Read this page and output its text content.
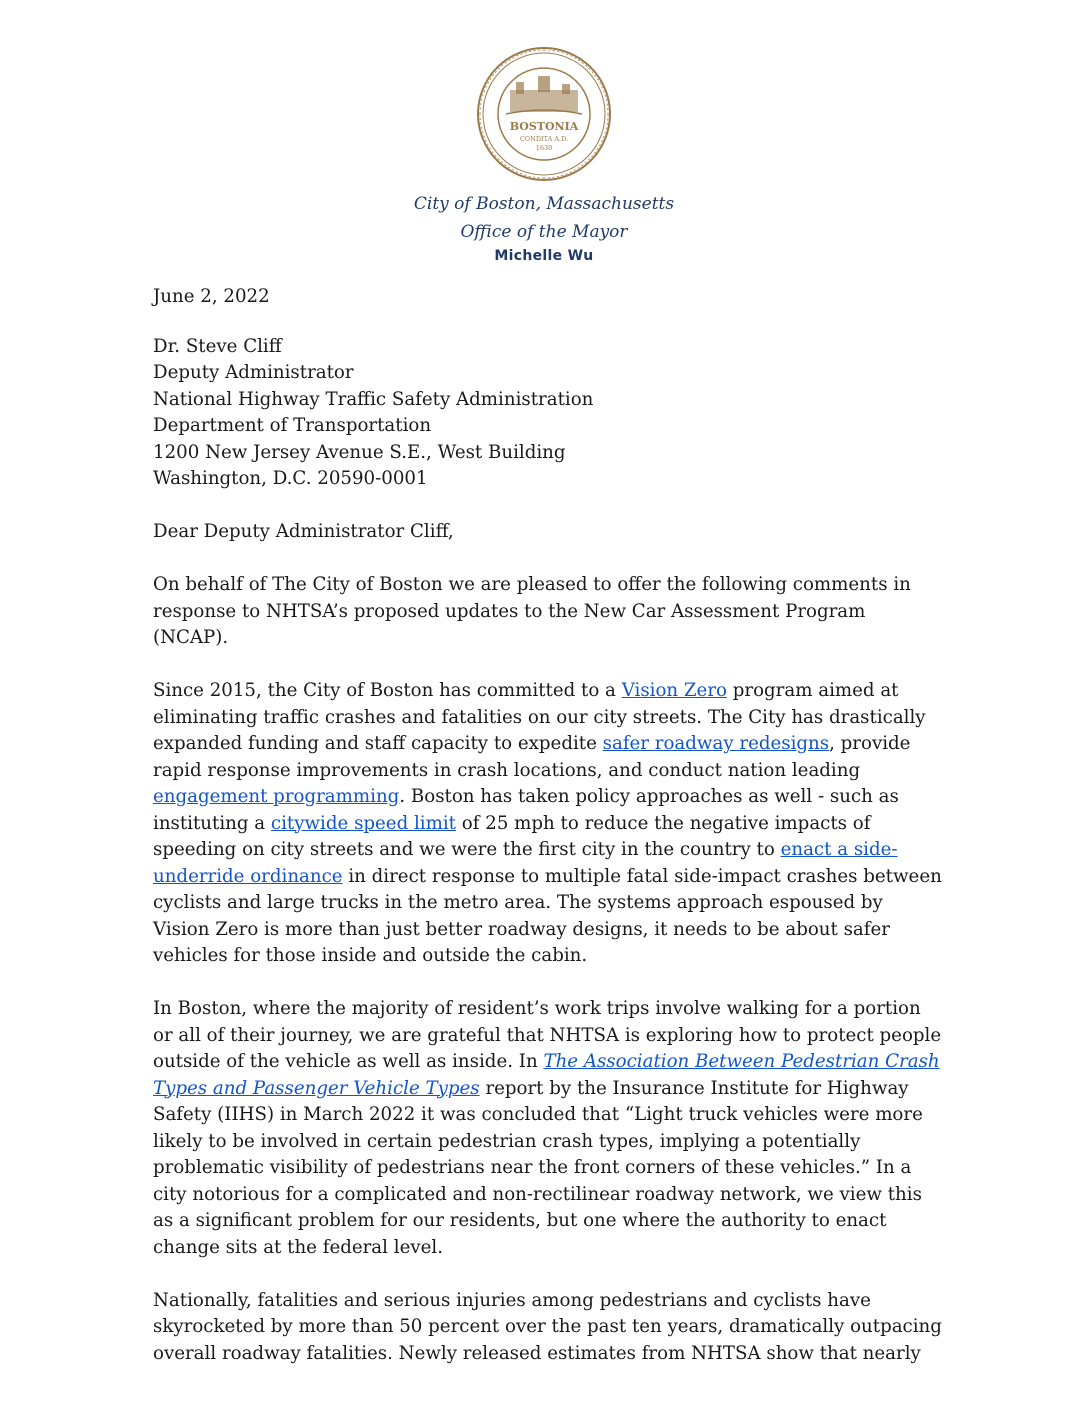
BOSTONIA
CONDITA A.D.
1630
City of Boston, Massachusetts
Office of the Mayor
Michelle Wu

June 2, 2022

Dr. Steve Cliff
Deputy Administrator
National Highway Traffic Safety Administration
Department of Transportation
1200 New Jersey Avenue S.E., West Building
Washington, D.C. 20590-0001

Dear Deputy Administrator Cliff,

On behalf of The City of Boston we are pleased to offer the following comments in response to NHTSA’s proposed updates to the New Car Assessment Program (NCAP).

Since 2015, the City of Boston has committed to a Vision Zero program aimed at eliminating traffic crashes and fatalities on our city streets. The City has drastically expanded funding and staff capacity to expedite safer roadway redesigns, provide rapid response improvements in crash locations, and conduct nation leading engagement programming. Boston has taken policy approaches as well - such as instituting a citywide speed limit of 25 mph to reduce the negative impacts of speeding on city streets and we were the first city in the country to enact a side-underride ordinance in direct response to multiple fatal side-impact crashes between cyclists and large trucks in the metro area. The systems approach espoused by Vision Zero is more than just better roadway designs, it needs to be about safer vehicles for those inside and outside the cabin.

In Boston, where the majority of resident’s work trips involve walking for a portion or all of their journey, we are grateful that NHTSA is exploring how to protect people outside of the vehicle as well as inside. In The Association Between Pedestrian Crash Types and Passenger Vehicle Types report by the Insurance Institute for Highway Safety (IIHS) in March 2022 it was concluded that “Light truck vehicles were more likely to be involved in certain pedestrian crash types, implying a potentially problematic visibility of pedestrians near the front corners of these vehicles.” In a city notorious for a complicated and non-rectilinear roadway network, we view this as a significant problem for our residents, but one where the authority to enact change sits at the federal level.

Nationally, fatalities and serious injuries among pedestrians and cyclists have skyrocketed by more than 50 percent over the past ten years, dramatically outpacing overall roadway fatalities. Newly released estimates from NHTSA show that nearly
